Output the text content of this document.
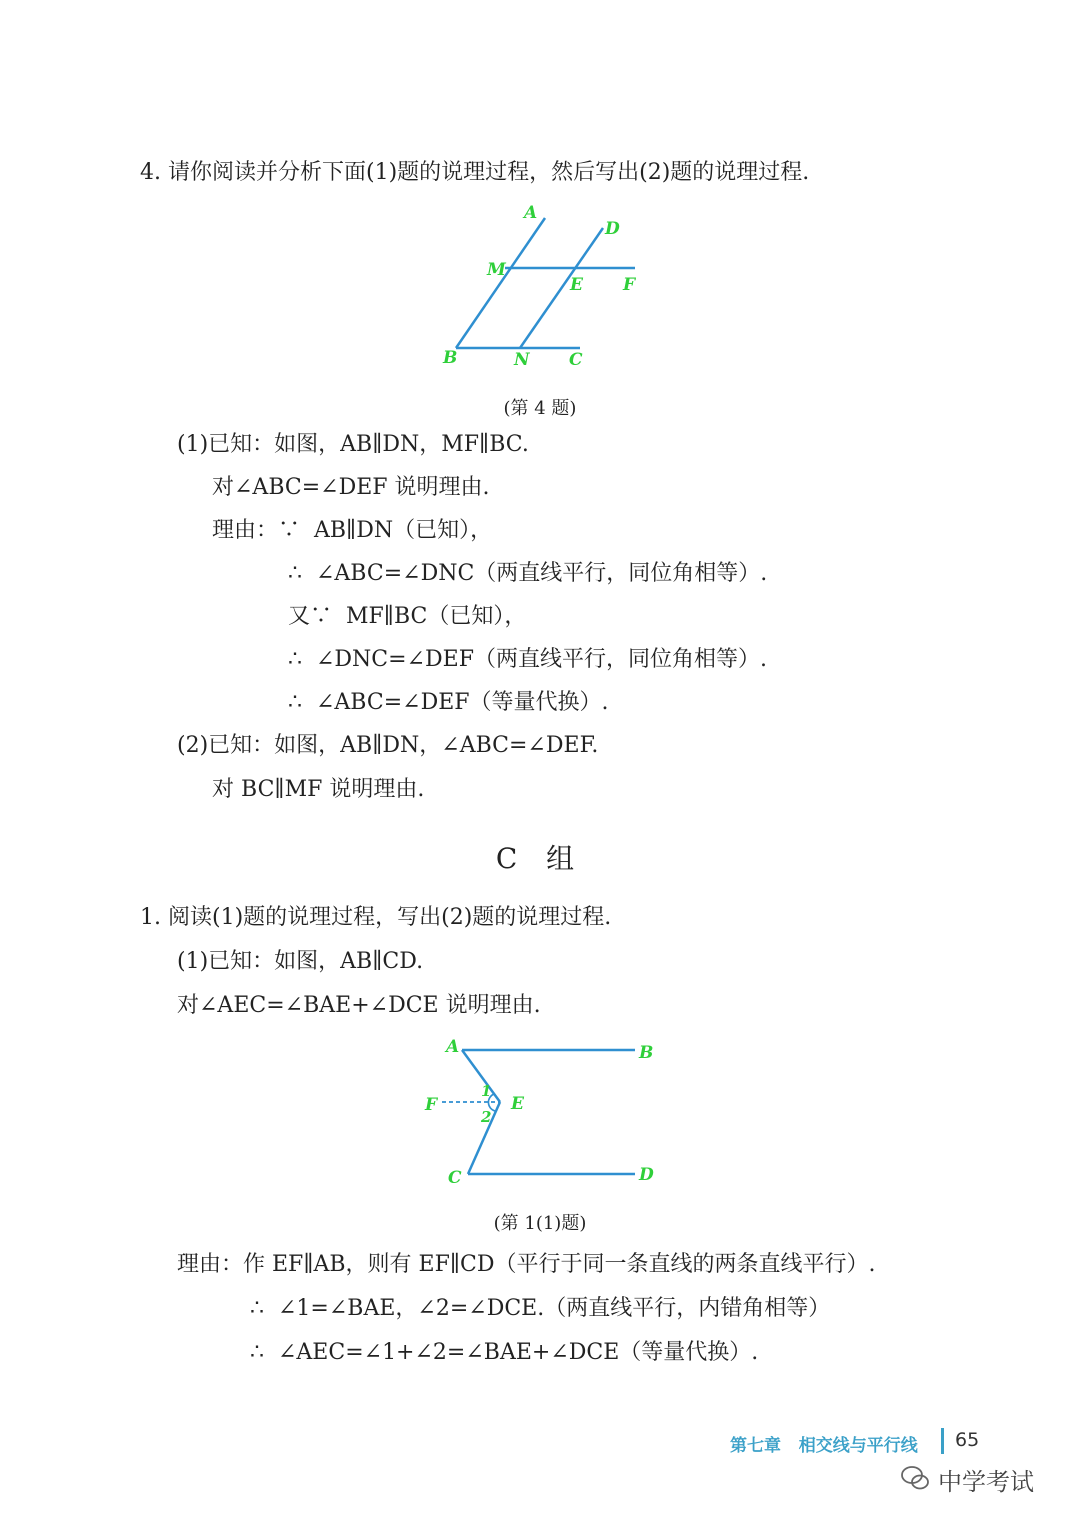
4. 请你阅读并分析下面(1)题的说理过程，然后写出(2)题的说理过程.
A
D
M
E F
B	N C
(第 4 题)
(1)已知：如图，AB∥DN，MF∥BC.
对∠ABC=∠DEF 说明理由.
理由：∵  AB∥DN（已知），
∴  ∠ABC=∠DNC（两直线平行，同位角相等）.
又∵  MF∥BC（已知），
∴  ∠DNC=∠DEF（两直线平行，同位角相等）.
∴  ∠ABC=∠DEF（等量代换）.
(2)已知：如图，AB∥DN，∠ABC=∠DEF.
对 BC∥MF 说明理由.
C 组
1. 阅读(1)题的说理过程，写出(2)题的说理过程.
(1)已知：如图，AB∥CD.
对∠AEC=∠BAE+∠DCE 说明理由.
A	B
F	E
C	D
1
2
(第 1(1)题)
理由：作 EF∥AB，则有 EF∥CD（平行于同一条直线的两条直线平行）.
∴  ∠1=∠BAE，∠2=∠DCE.（两直线平行，内错角相等）
∴  ∠AEC=∠1+∠2=∠BAE+∠DCE（等量代换）.
第七章   相交线与平行线 65
中学考试
